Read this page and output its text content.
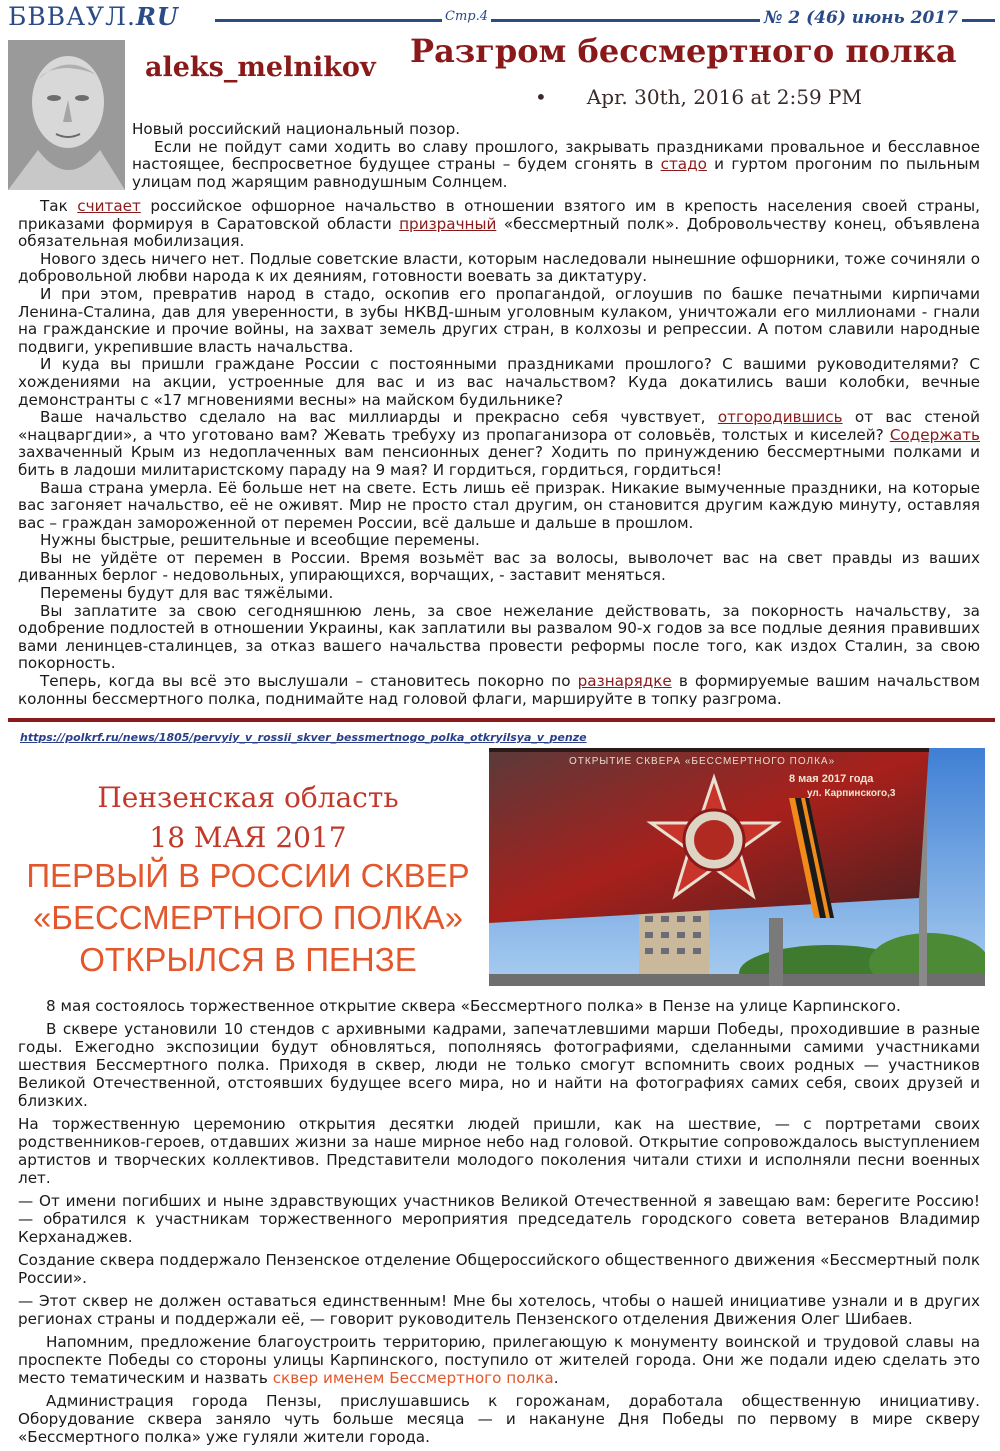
БВВАУЛ.RU	Стр.4	№ 2 (46) июнь 2017
aleks_melnikov Разгром бессмертного полка
• Apr. 30th, 2016 at 2:59 PM

Новый российский национальный позор.

Если не пойдут сами ходить во славу прошлого, закрывать праздниками провальное и бесславное настоящее, беспросветное будущее страны – будем сгонять в стадо и гуртом прогоним по пыльным улицам под жарящим равнодушным Солнцем.

Так считает российское офшорное начальство в отношении взятого им в крепость населения своей страны, приказами формируя в Саратовской области призрачный «бессмертный полк». Добровольчеству конец, объявлена обязательная мобилизация.

Нового здесь ничего нет. Подлые советские власти, которым наследовали нынешние офшорники, тоже сочиняли о добровольной любви народа к их деяниям, готовности воевать за диктатуру.

И при этом, превратив народ в стадо, оскопив его пропагандой, оглоушив по башке печатными кирпичами Ленина-Сталина, дав для уверенности, в зубы НКВД-шным уголовным кулаком, уничтожали его миллионами - гнали на гражданские и прочие войны, на захват земель других стран, в колхозы и репрессии. А потом славили народные подвиги, укрепившие власть начальства.

И куда вы пришли граждане России с постоянными праздниками прошлого? С вашими руководителями? С хождениями на акции, устроенные для вас и из вас начальством? Куда докатились ваши колобки, вечные демонстранты с «17 мгновениями весны» на майском будильнике?

Ваше начальство сделало на вас миллиарды и прекрасно себя чувствует, отгородившись от вас стеной «нацваргдии», а что уготовано вам? Жевать требуху из пропаганизора от соловьёв, толстых и киселей? Содержать захваченный Крым из недоплаченных вам пенсионных денег? Ходить по принуждению бессмертными полками и бить в ладоши милитаристскому параду на 9 мая? И гордиться, гордиться, гордиться!

Ваша страна умерла. Её больше нет на свете. Есть лишь её призрак. Никакие вымученные праздники, на которые вас загоняет начальство, её не оживят. Мир не просто стал другим, он становится другим каждую минуту, оставляя вас – граждан замороженной от перемен России, всё дальше и дальше в прошлом.

Нужны быстрые, решительные и всеобщие перемены.

Вы не уйдёте от перемен в России. Время возьмёт вас за волосы, выволочет вас на свет правды из ваших диванных берлог - недовольных, упирающихся, ворчащих, - заставит меняться.

Перемены будут для вас тяжёлыми.

Вы заплатите за свою сегодняшнюю лень, за свое нежелание действовать, за покорность начальству, за одобрение подлостей в отношении Украины, как заплатили вы развалом 90-х годов за все подлые деяния правивших вами ленинцев-сталинцев, за отказ вашего начальства провести реформы после того, как издох Сталин, за свою покорность.

Теперь, когда вы всё это выслушали – становитесь покорно по разнарядке в формируемые вашим начальством колонны бессмертного полка, поднимайте над головой флаги, маршируйте в топку разгрома.

https://polkrf.ru/news/1805/pervyiy_v_rossii_skver_bessmertnogo_polka_otkryilsya_v_penze
Пензенская область
18 МАЯ 2017
ПЕРВЫЙ В РОССИИ СКВЕР
«БЕССМЕРТНОГО ПОЛКА»
ОТКРЫЛСЯ В ПЕНЗЕ
ОТКРЫТИЕ СКВЕРА «БЕССМЕРТНОГО ПОЛКА»
8 мая 2017 года
ул. Карпинского,3

8 мая состоялось торжественное открытие сквера «Бессмертного полка» в Пензе на улице Карпинского.

В сквере установили 10 стендов с архивными кадрами, запечатлевшими марши Победы, проходившие в разные годы. Ежегодно экспозиции будут обновляться, пополняясь фотографиями, сделанными самими участниками шествия Бессмертного полка. Приходя в сквер, люди не только смогут вспомнить своих родных — участников Великой Отечественной, отстоявших будущее всего мира, но и найти на фотографиях самих себя, своих друзей и близких.

На торжественную церемонию открытия десятки людей пришли, как на шествие, — с портретами своих родственников-героев, отдавших жизни за наше мирное небо над головой. Открытие сопровождалось выступлением артистов и творческих коллективов. Представители молодого поколения читали стихи и исполняли песни военных лет.

— От имени погибших и ныне здравствующих участников Великой Отечественной я завещаю вам: берегите Россию! — обратился к участникам торжественного мероприятия председатель городского совета ветеранов Владимир Керханаджев.

Создание сквера поддержало Пензенское отделение Общероссийского общественного движения «Бессмертный полк России».

— Этот сквер не должен оставаться единственным! Мне бы хотелось, чтобы о нашей инициативе узнали и в других регионах страны и поддержали её, — говорит руководитель Пензенского отделения Движения Олег Шибаев.

Напомним, предложение благоустроить территорию, прилегающую к монументу воинской и трудовой славы на проспекте Победы со стороны улицы Карпинского, поступило от жителей города. Они же подали идею сделать это место тематическим и назвать сквер именем Бессмертного полка.

Администрация города Пензы, прислушавшись к горожанам, доработала общественную инициативу. Оборудование сквера заняло чуть больше месяца — и накануне Дня Победы по первому в мире скверу «Бессмертного полка» уже гуляли жители города.
